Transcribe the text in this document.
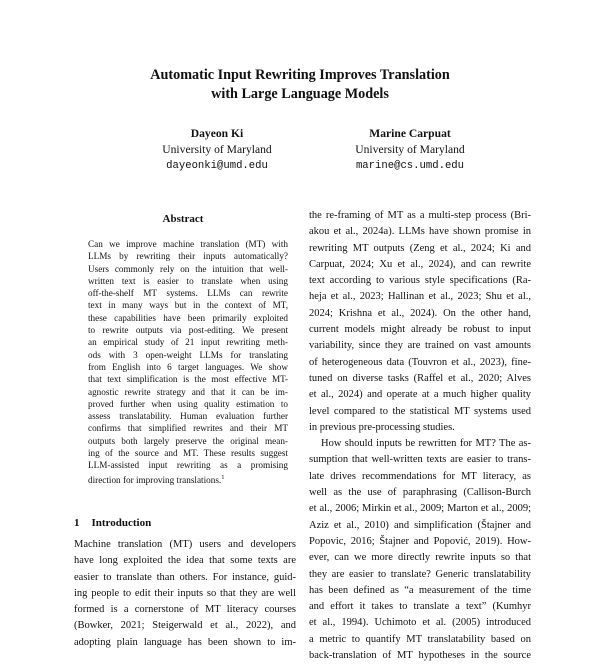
Automatic Input Rewriting Improves Translation
with Large Language Models
Dayeon Ki
University of Maryland
dayeonki@umd.edu
Marine Carpuat
University of Maryland
marine@cs.umd.edu
Abstract
Can we improve machine translation (MT) with
LLMs by rewriting their inputs automatically?
Users commonly rely on the intuition that well-
written text is easier to translate when using
off-the-shelf MT systems. LLMs can rewrite
text in many ways but in the context of MT,
these capabilities have been primarily exploited
to rewrite outputs via post-editing. We present
an empirical study of 21 input rewriting meth-
ods with 3 open-weight LLMs for translating
from English into 6 target languages. We show
that text simplification is the most effective MT-
agnostic rewrite strategy and that it can be im-
proved further when using quality estimation to
assess translatability. Human evaluation further
confirms that simplified rewrites and their MT
outputs both largely preserve the original mean-
ing of the source and MT. These results suggest
LLM-assisted input rewriting as a promising
direction for improving translations.$^1$
1 Introduction
Machine translation (MT) users and developers
have long exploited the idea that some texts are
easier to translate than others. For instance, guid-
ing people to edit their inputs so that they are well
formed is a cornerstone of MT literacy courses
(Bowker, 2021; Steigerwald et al., 2022), and
adopting plain language has been shown to im-
the re-framing of MT as a multi-step process (Bri-
akou et al., 2024a). LLMs have shown promise in
rewriting MT outputs (Zeng et al., 2024; Ki and
Carpuat, 2024; Xu et al., 2024), and can rewrite
text according to various style specifications (Ra-
heja et al., 2023; Hallinan et al., 2023; Shu et al.,
2024; Krishna et al., 2024). On the other hand,
current models might already be robust to input
variability, since they are trained on vast amounts
of heterogeneous data (Touvron et al., 2023), fine-
tuned on diverse tasks (Raffel et al., 2020; Alves
et al., 2024) and operate at a much higher quality
level compared to the statistical MT systems used
in previous pre-processing studies.
How should inputs be rewritten for MT? The as-
sumption that well-written texts are easier to trans-
late drives recommendations for MT literacy, as
well as the use of paraphrasing (Callison-Burch
et al., 2006; Mirkin et al., 2009; Marton et al., 2009;
Aziz et al., 2010) and simplification (Štajner and
Popovic, 2016; Štajner and Popović, 2019). How-
ever, can we more directly rewrite inputs so that
they are easier to translate? Generic translatability
has been defined as “a measurement of the time
and effort it takes to translate a text” (Kumhyr
et al., 1994). Uchimoto et al. (2005) introduced
a metric to quantify MT translatability based on
back-translation of MT hypotheses in the source
